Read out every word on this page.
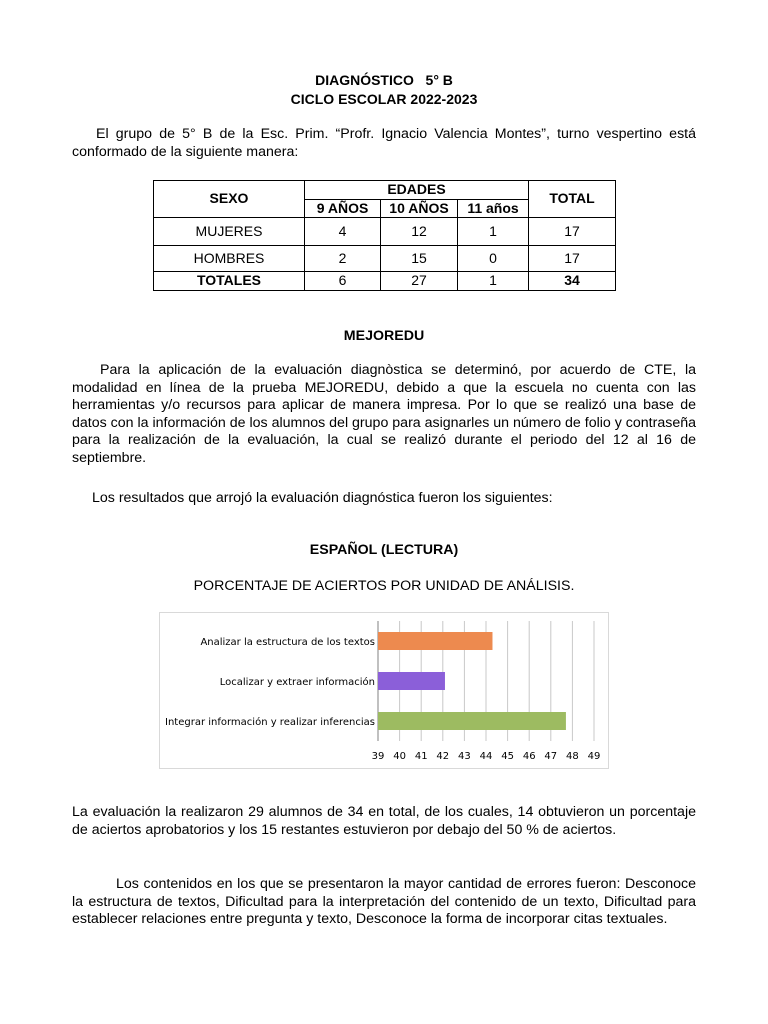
DIAGNÓSTICO   5° B
CICLO ESCOLAR 2022-2023

El grupo de 5° B de la Esc. Prim. “Profr. Ignacio Valencia Montes”, turno vespertino está conformado de la siguiente manera:

SEXO	EDADES			TOTAL
	9 AÑOS	10 AÑOS	11 años	
MUJERES	4	12	1	17
HOMBRES	2	15	0	17
TOTALES	6	27	1	34
MEJOREDU

Para la aplicación de la evaluación diagnòstica se determinó, por acuerdo de CTE, la modalidad en línea de la prueba MEJOREDU, debido a que la escuela no cuenta con las herramientas y/o recursos para aplicar de manera impresa. Por lo que se realizó una base de datos con la información de los alumnos del grupo para asignarles un número de folio y contraseña para la realización de la evaluación, la cual se realizó durante el periodo del 12 al 16 de septiembre.

Los resultados que arrojó la evaluación diagnóstica fueron los siguientes:

ESPAÑOL (LECTURA)
PORCENTAJE DE ACIERTOS POR UNIDAD DE ANÁLISIS.
39 40 41 42 43 44 45 46 47 48 49
Analizar la estructura de los textos
Localizar y extraer información
Integrar información y realizar inferencias

La evaluación la realizaron 29 alumnos de 34 en total, de los cuales, 14 obtuvieron un porcentaje de aciertos aprobatorios y los 15 restantes estuvieron por debajo del 50 % de aciertos.

Los contenidos en los que se presentaron la mayor cantidad de errores fueron: Desconoce la estructura de textos, Dificultad para la interpretación del contenido de un texto, Dificultad para establecer relaciones entre pregunta y texto, Desconoce la forma de incorporar citas textuales.
